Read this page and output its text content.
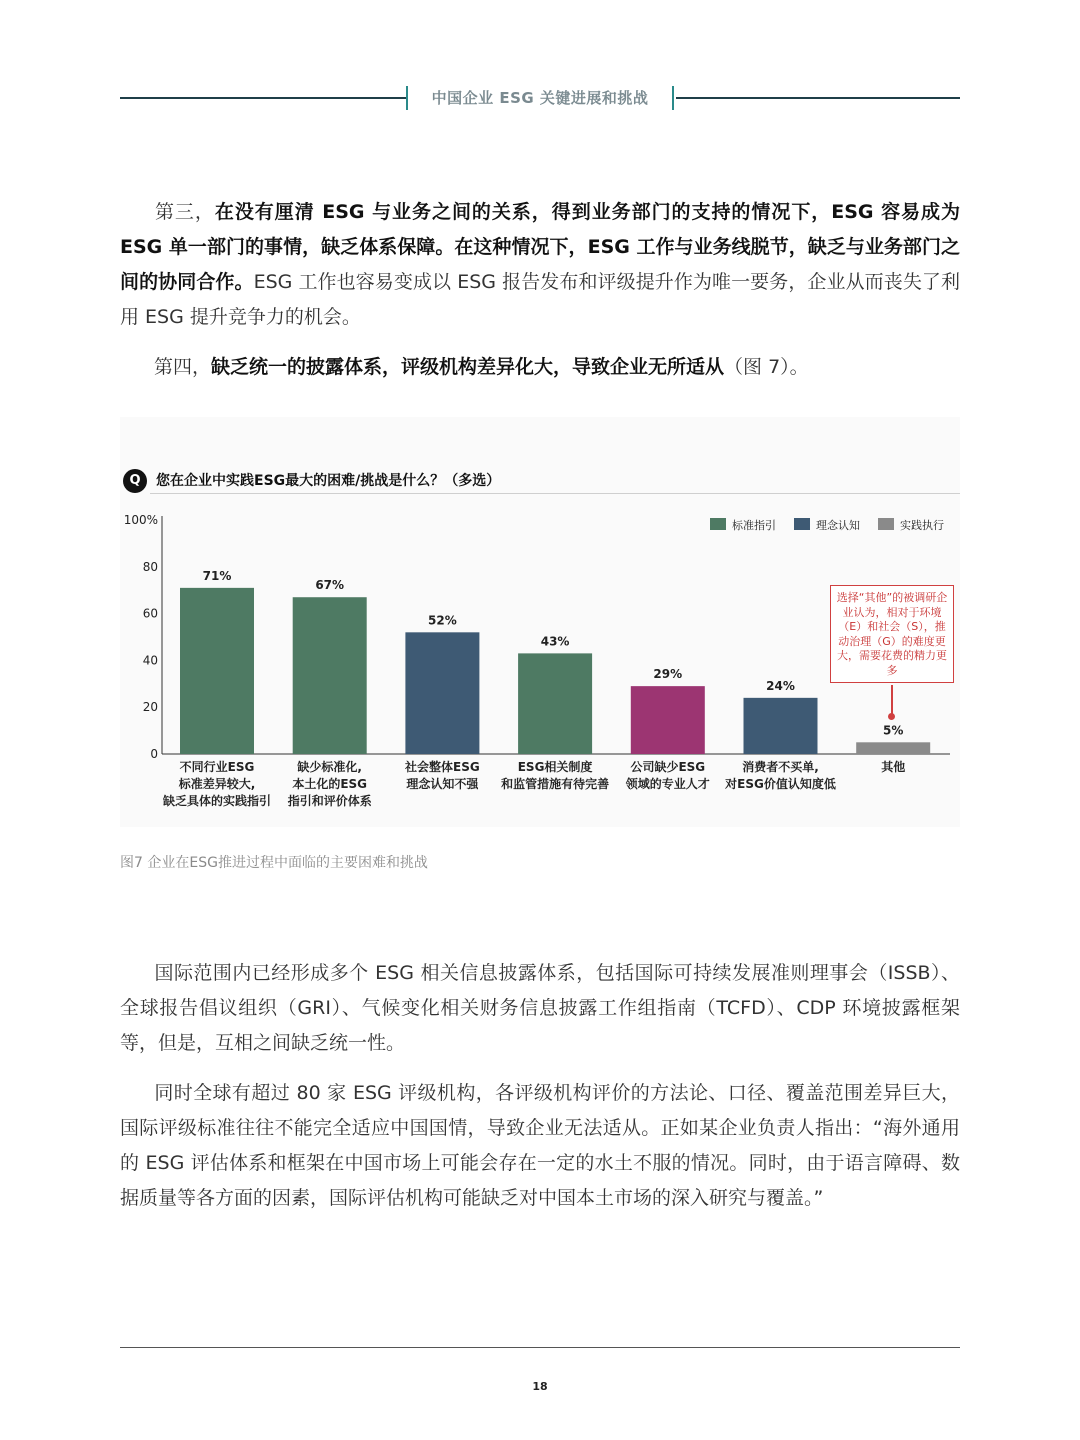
中国企业 ESG 关键进展和挑战
第三，在没有厘清 ESG 与业务之间的关系，得到业务部门的支持的情况下，ESG 容易成为 ESG 单一部门的事情，缺乏体系保障。在这种情况下，ESG 工作与业务线脱节，缺乏与业务部门之间的协同合作。ESG 工作也容易变成以 ESG 报告发布和评级提升作为唯一要务，企业从而丧失了利用 ESG 提升竞争力的机会。
第四，缺乏统一的披露体系，评级机构差异化大，导致企业无所适从（图 7）。
Q	您在企业中实践ESG最大的困难/挑战是什么？（多选）
0
20
40
60
80
100%
71%
不同行业ESG
标准差异较大,
缺乏具体的实践指引
67%
缺少标准化,
本土化的ESG
指引和评价体系
52%
社会整体ESG
理念认知不强
43%
ESG相关制度
和监管措施有待完善
29%
公司缺少ESG
领域的专业人才
24%
消费者不买单,
对ESG价值认知度低
5%
其他
标准指引	理念认知	实践执行
选择“其他”的被调研企业认为，相对于环境（E）和社会（S），推动治理（G）的难度更大，需要花费的精力更多
图7 企业在ESG推进过程中面临的主要困难和挑战
国际范围内已经形成多个 ESG 相关信息披露体系，包括国际可持续发展准则理事会（ISSB）、全球报告倡议组织（GRI）、气候变化相关财务信息披露工作组指南（TCFD）、CDP 环境披露框架等，但是，互相之间缺乏统一性。
同时全球有超过 80 家 ESG 评级机构，各评级机构评价的方法论、口径、覆盖范围差异巨大，国际评级标准往往不能完全适应中国国情，导致企业无法适从。正如某企业负责人指出：“海外通用的 ESG 评估体系和框架在中国市场上可能会存在一定的水土不服的情况。同时，由于语言障碍、数据质量等各方面的因素，国际评估机构可能缺乏对中国本土市场的深入研究与覆盖。”
18
